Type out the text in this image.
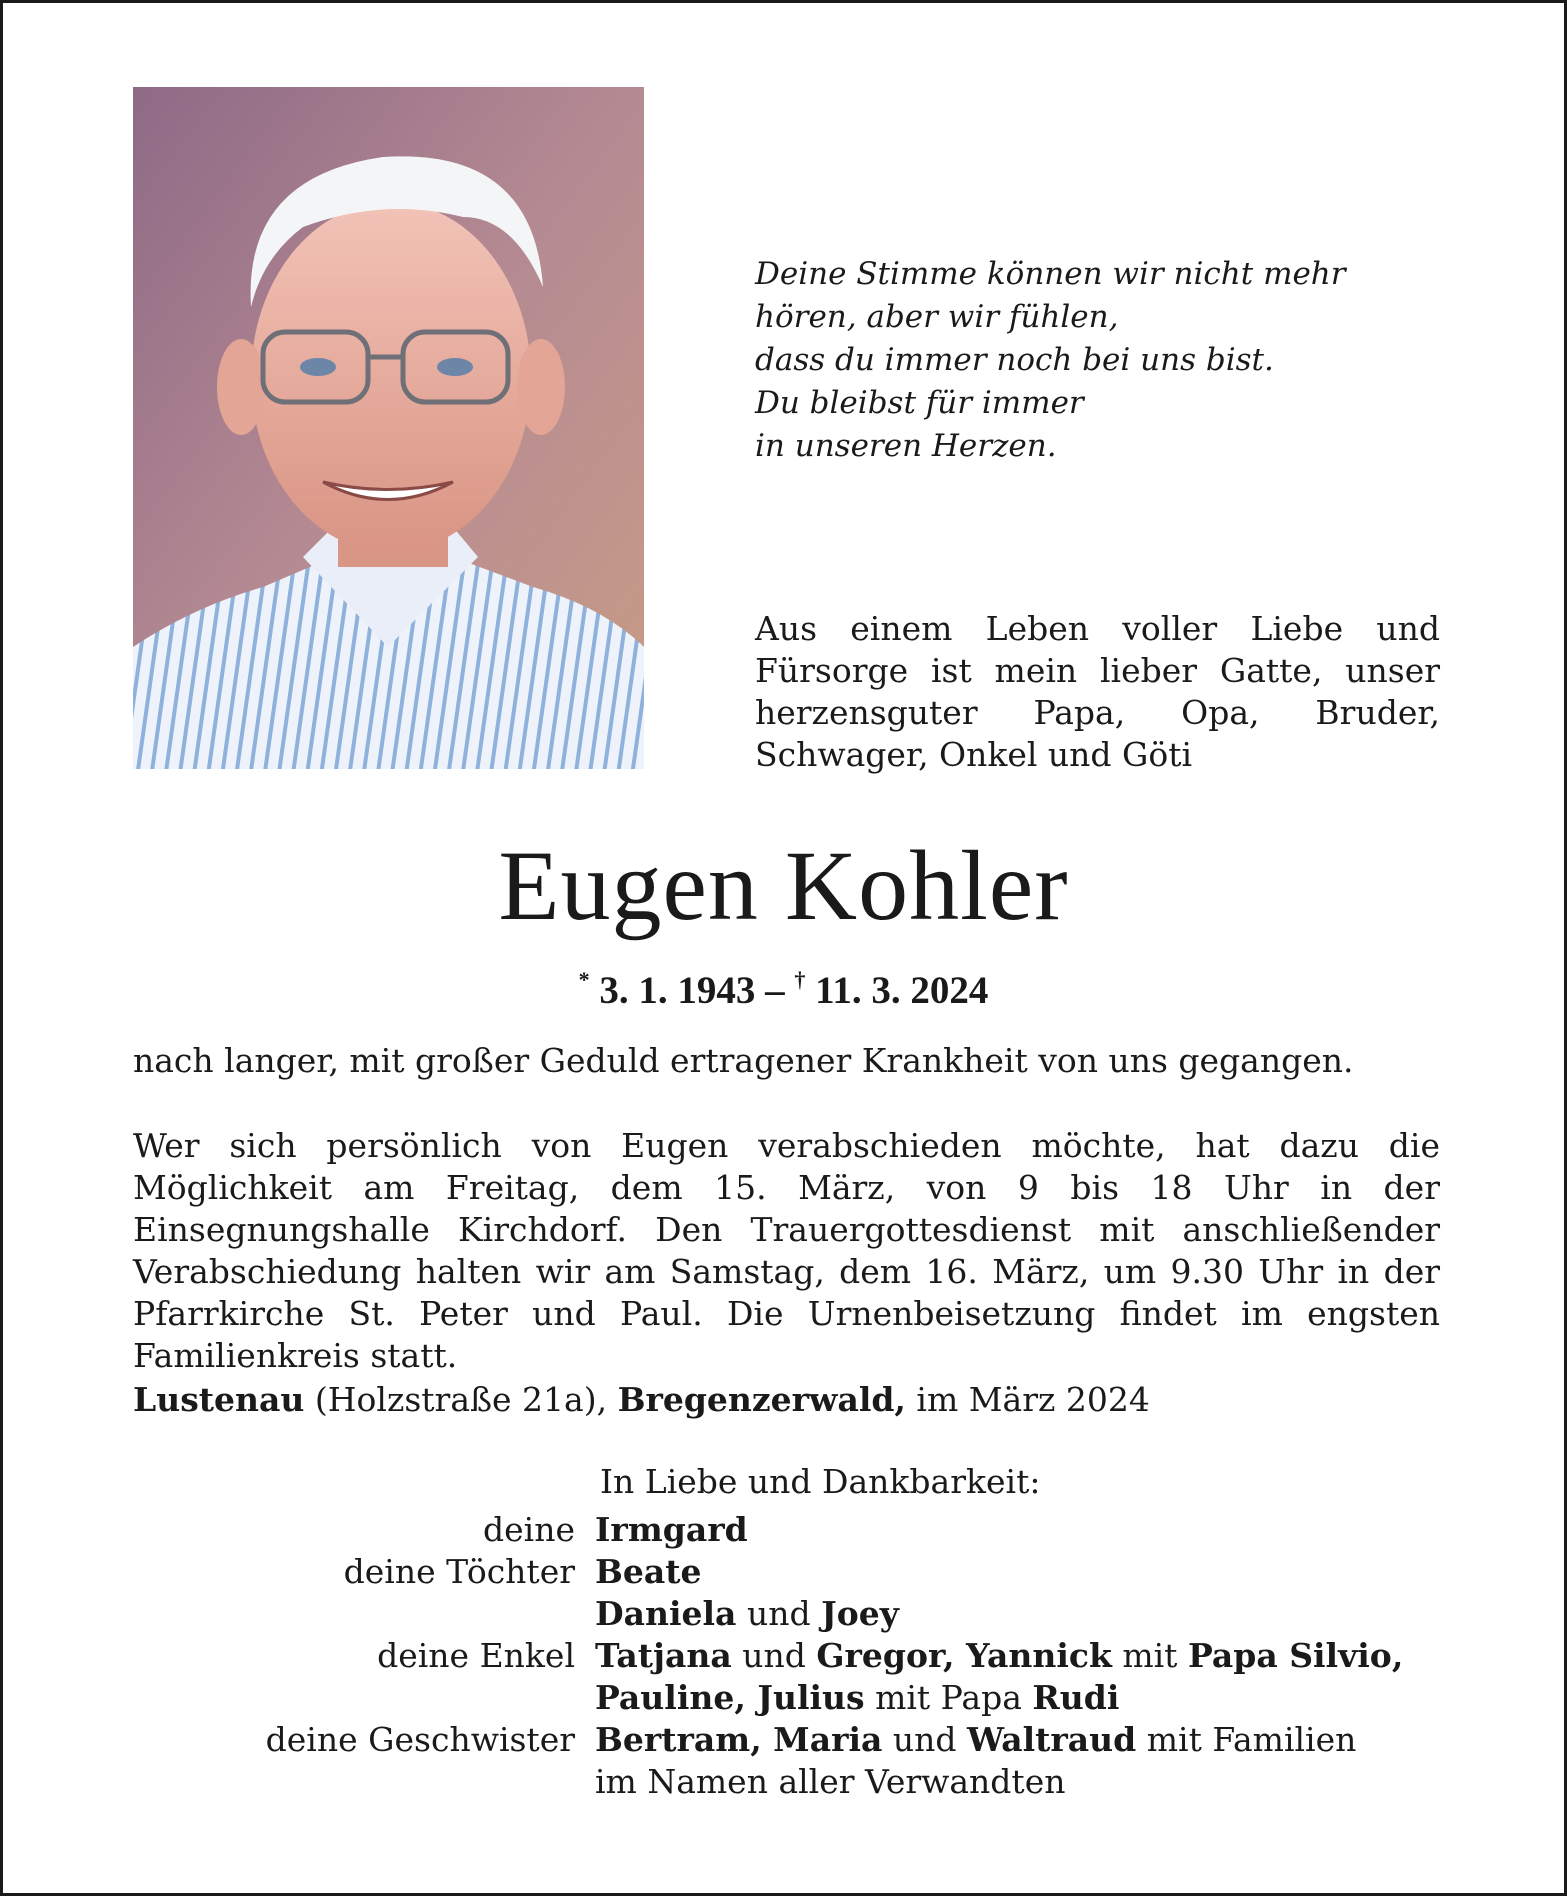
Deine Stimme können wir nicht mehr
hören, aber wir fühlen,
dass du immer noch bei uns bist.
Du bleibst für immer
in unseren Herzen.

Aus einem Leben voller Liebe und Fürsorge ist mein lieber Gatte, unser herzensguter Papa, Opa, Bruder, Schwager, Onkel und Göti

Eugen Kohler

* 3. 1. 1943 – † 11. 3. 2024

nach langer, mit großer Geduld ertragener Krankheit von uns gegangen.

Wer sich persönlich von Eugen verabschieden möchte, hat dazu die Möglichkeit am Freitag, dem 15. März, von 9 bis 18 Uhr in der Einsegnungshalle Kirchdorf. Den Trauergottesdienst mit anschließender Verabschiedung halten wir am Samstag, dem 16. März, um 9.30 Uhr in der Pfarrkirche St. Peter und Paul. Die Urnenbeisetzung findet im engsten Familienkreis statt.

Lustenau (Holzstraße 21a), Bregenzerwald, im März 2024

In Liebe und Dankbarkeit:

deine	Irmgard
deine Töchter	Beate
	Daniela und Joey
deine Enkel	Tatjana und Gregor, Yannick mit Papa Silvio,
	Pauline, Julius mit Papa Rudi
deine Geschwister	Bertram, Maria und Waltraud mit Familien
	im Namen aller Verwandten
